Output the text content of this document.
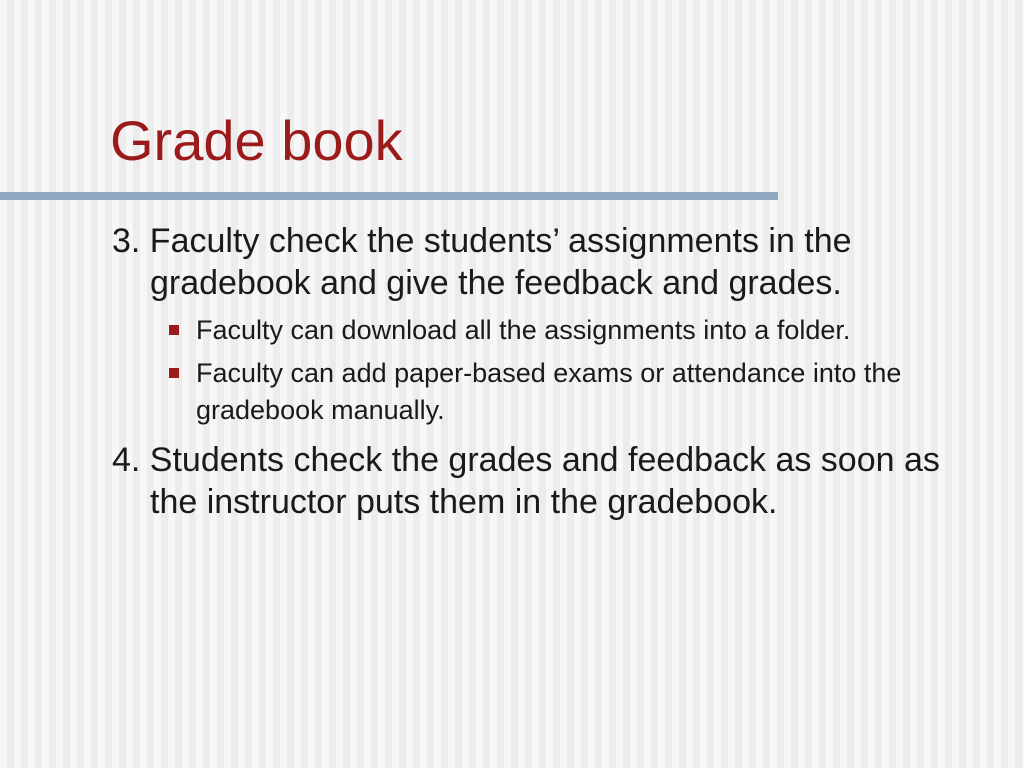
Grade book

3. Faculty check the students’ assignments in the gradebook and give the feedback and grades.

Faculty can download all the assignments into a folder.
Faculty can add paper-based exams or attendance into the gradebook manually.

4. Students check the grades and feedback as soon as the instructor puts them in the gradebook.
